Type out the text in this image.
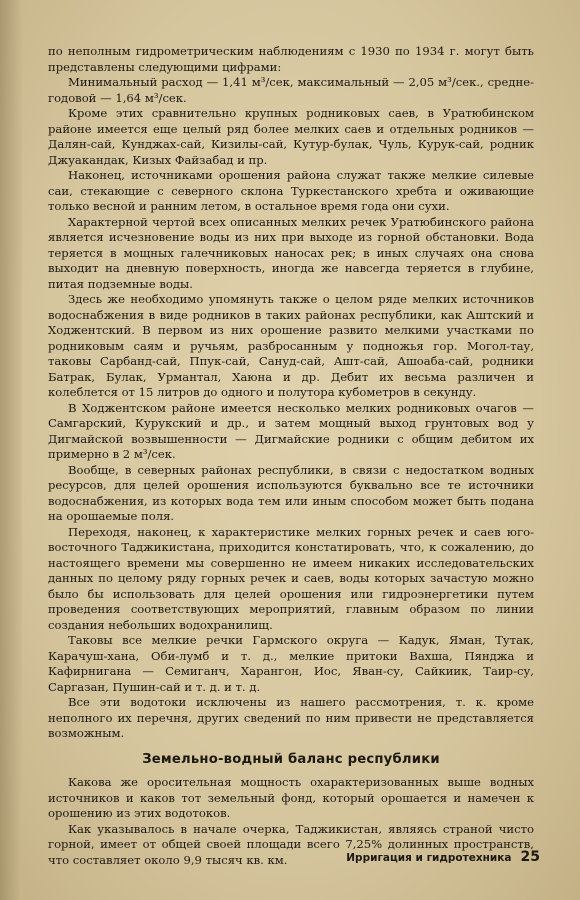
по неполным гидрометрическим наблюдениям с 1930 по 1934 г. могут быть представлены следующими цифрами:

Минимальный расход — 1,41 м³/сек, максимальный — 2,05 м³/сек., средне-годовой — 1,64 м³/сек.

Кроме этих сравнительно крупных родниковых саев, в Уратюбинском районе имеется еще целый ряд более мелких саев и отдельных родников — Далян-сай, Кунджах-сай, Кизилы-сай, Кутур-булак, Чуль, Курук-сай, родник Джуакандак, Кизых Файзабад и пр.

Наконец, источниками орошения района служат также мелкие силевые саи, стекающие с северного склона Туркестанского хребта и оживающие только весной и ранним летом, в остальное время года они сухи.

Характерной чертой всех описанных мелких речек Уратюбинского района является исчезновение воды из них при выходе из горной обстановки. Вода теряется в мощных галечниковых наносах рек; в иных случаях она снова выходит на дневную поверхность, иногда же навсегда теряется в глубине, питая подземные воды.

Здесь же необходимо упомянуть также о целом ряде мелких источников водоснабжения в виде родников в таких районах республики, как Аштский и Ходжентский. В первом из них орошение развито мелкими участками по родниковым саям и ручьям, разбросанным у подножья гор. Могол-тау, таковы Сарбанд-сай, Ппук-сай, Сануд-сай, Ашт-сай, Ашоаба-сай, родники Батрак, Булак, Урмантал, Хаюна и др. Дебит их весьма различен и колеблется от 15 литров до одного и полутора кубометров в секунду.

В Ходжентском районе имеется несколько мелких родниковых очагов — Самгарский, Курукский и др., и затем мощный выход грунтовых вод у Дигмайской возвышенности — Дигмайские родники с общим дебитом их примерно в 2 м³/сек.

Вообще, в северных районах республики, в связи с недостатком водных ресурсов, для целей орошения используются буквально все те источники водоснабжения, из которых вода тем или иным способом может быть подана на орошаемые поля.

Переходя, наконец, к характеристике мелких горных речек и саев юго-восточного Таджикистана, приходится констатировать, что, к сожалению, до настоящего времени мы совершенно не имеем никаких исследовательских данных по целому ряду горных речек и саев, воды которых зачастую можно было бы использовать для целей орошения или гидроэнергетики путем проведения соответствующих мероприятий, главным образом по линии создания небольших водохранилищ.

Таковы все мелкие речки Гармского округа — Кадук, Яман, Тутак, Карачуш-хана, Оби-лумб и т. д., мелкие притоки Вахша, Пянджа и Кафирнигана — Семиганч, Харангон, Иос, Яван-су, Сайкиик, Таир-су, Саргазан, Пушин-сай и т. д. и т. д.

Все эти водотоки исключены из нашего рассмотрения, т. к. кроме неполного их перечня, других сведений по ним привести не представляется возможным.

Земельно-водный баланс республики

Какова же оросительная мощность охарактеризованных выше водных источников и каков тот земельный фонд, который орошается и намечен к орошению из этих водотоков.

Как указывалось в начале очерка, Таджикистан, являясь страной чисто горной, имеет от общей своей площади всего 7,25% долинных пространств, что составляет около 9,9 тысяч кв. км.	Ирригация и гидротехника 25
